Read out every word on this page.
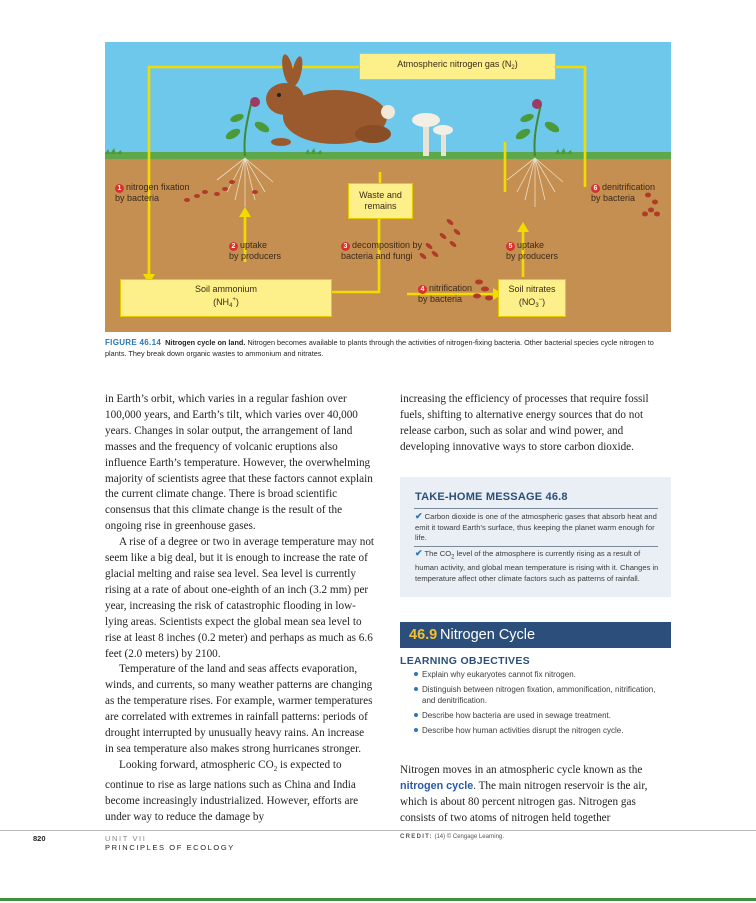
Atmospheric nitrogen gas $(N_2)$
Waste and
remains
Soil ammonium
$(NH_4^+)$
Soil nitrates
$(NO_3^-)$
1 nitrogen fixation
by bacteria
2 uptake
by producers
3 decomposition by
bacteria and fungi
4 nitrification
by bacteria
5 uptake
by producers
6 denitrification
by bacteria
FIGURE 46.14 Nitrogen cycle on land. Nitrogen becomes available to plants through the activities of nitrogen-fixing bacteria. Other bacterial species cycle nitrogen to plants. They break down organic wastes to ammonium and nitrates.

in Earth’s orbit, which varies in a regular fashion over 100,000 years, and Earth’s tilt, which varies over 40,000 years. Changes in solar output, the arrangement of land masses and the frequency of volcanic eruptions also influence Earth’s temperature. However, the overwhelming majority of scientists agree that these factors cannot explain the current climate change. There is broad scientific consensus that this climate change is the result of the ongoing rise in greenhouse gases.

A rise of a degree or two in average temperature may not seem like a big deal, but it is enough to increase the rate of glacial melting and raise sea level. Sea level is currently rising at a rate of about one-eighth of an inch (3.2 mm) per year, increasing the risk of catastrophic flooding in low-lying areas. Scientists expect the global mean sea level to rise at least 8 inches (0.2 meter) and perhaps as much as 6.6 feet (2.0 meters) by 2100.

Temperature of the land and seas affects evaporation, winds, and currents, so many weather patterns are changing as the temperature rises. For example, warmer temperatures are correlated with extremes in rainfall patterns: periods of drought interrupted by unusually heavy rains. An increase in sea temperature also makes strong hurricanes stronger.

Looking forward, atmospheric $CO_2$ is expected to continue to rise as large nations such as China and India become increasingly industrialized. However, efforts are under way to reduce the damage by

increasing the efficiency of processes that require fossil fuels, shifting to alternative energy sources that do not release carbon, such as solar and wind power, and developing innovative ways to store carbon dioxide.

TAKE-HOME MESSAGE 46.8
✔ Carbon dioxide is one of the atmospheric gases that absorb heat and emit it toward Earth’s surface, thus keeping the planet warm enough for life.
✔ The $CO_2$ level of the atmosphere is currently rising as a result of human activity, and global mean temperature is rising with it. Changes in temperature affect other climate factors such as patterns of rainfall.
46.9 Nitrogen Cycle
LEARNING OBJECTIVES
Explain why eukaryotes cannot fix nitrogen.
Distinguish between nitrogen fixation, ammonification, nitrification, and denitrification.
Describe how bacteria are used in sewage treatment.
Describe how human activities disrupt the nitrogen cycle.

Nitrogen moves in an atmospheric cycle known as the nitrogen cycle. The main nitrogen reservoir is the air, which is about 80 percent nitrogen gas. Nitrogen gas consists of two atoms of nitrogen held together

820	UNIT VII
PRINCIPLES OF ECOLOGY
CREDIT: (14) © Cengage Learning.
